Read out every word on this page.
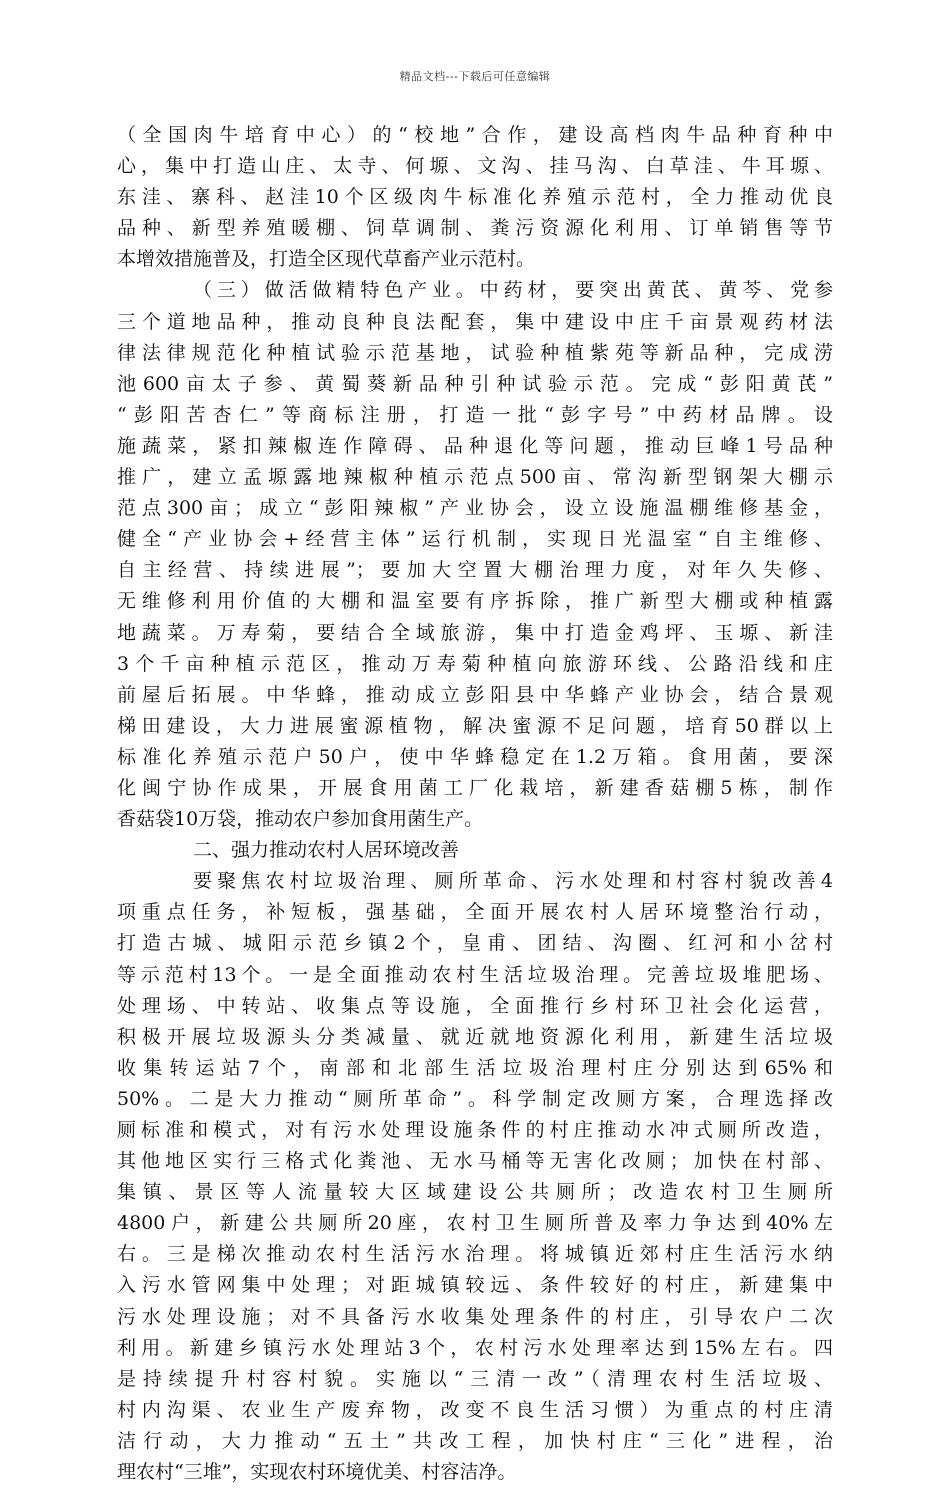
精品文档---下载后可任意编辑
（全国肉牛培育中心）的“校地”合作，建设高档肉牛品种育种中
心，集中打造山庄、太寺、何塬、文沟、挂马沟、白草洼、牛耳塬、
东洼、寨科、赵洼10个区级肉牛标准化养殖示范村，全力推动优良
品种、新型养殖暖棚、饲草调制、粪污资源化利用、订单销售等节
本增效措施普及，打造全区现代草畜产业示范村。
（三）做活做精特色产业。中药材，要突出黄芪、黄芩、党参
三个道地品种，推动良种良法配套，集中建设中庄千亩景观药材法
律法律规范化种植试验示范基地，试验种植紫苑等新品种，完成涝
池600亩太子参、黄蜀葵新品种引种试验示范。完成“彭阳黄芪”
“彭阳苦杏仁”等商标注册，打造一批“彭字号”中药材品牌。设
施蔬菜，紧扣辣椒连作障碍、品种退化等问题，推动巨峰1号品种
推广，建立孟塬露地辣椒种植示范点500亩、常沟新型钢架大棚示
范点300亩；成立“彭阳辣椒”产业协会，设立设施温棚维修基金，
健全“产业协会+经营主体”运行机制，实现日光温室“自主维修、
自主经营、持续进展”；要加大空置大棚治理力度，对年久失修、
无维修利用价值的大棚和温室要有序拆除，推广新型大棚或种植露
地蔬菜。万寿菊，要结合全域旅游，集中打造金鸡坪、玉塬、新洼
3个千亩种植示范区，推动万寿菊种植向旅游环线、公路沿线和庄
前屋后拓展。中华蜂，推动成立彭阳县中华蜂产业协会，结合景观
梯田建设，大力进展蜜源植物，解决蜜源不足问题，培育50群以上
标准化养殖示范户50户，使中华蜂稳定在1.2万箱。食用菌，要深
化闽宁协作成果，开展食用菌工厂化栽培，新建香菇棚5栋，制作
香菇袋10万袋，推动农户参加食用菌生产。
二、强力推动农村人居环境改善
要聚焦农村垃圾治理、厕所革命、污水处理和村容村貌改善4
项重点任务，补短板，强基础，全面开展农村人居环境整治行动，
打造古城、城阳示范乡镇2个，皇甫、团结、沟圈、红河和小岔村
等示范村13个。一是全面推动农村生活垃圾治理。完善垃圾堆肥场、
处理场、中转站、收集点等设施，全面推行乡村环卫社会化运营，
积极开展垃圾源头分类减量、就近就地资源化利用，新建生活垃圾
收集转运站7个，南部和北部生活垃圾治理村庄分别达到65%和
50%。二是大力推动“厕所革命”。科学制定改厕方案，合理选择改
厕标准和模式，对有污水处理设施条件的村庄推动水冲式厕所改造，
其他地区实行三格式化粪池、无水马桶等无害化改厕；加快在村部、
集镇、景区等人流量较大区域建设公共厕所；改造农村卫生厕所
4800户，新建公共厕所20座，农村卫生厕所普及率力争达到40%左
右。三是梯次推动农村生活污水治理。将城镇近郊村庄生活污水纳
入污水管网集中处理；对距城镇较远、条件较好的村庄，新建集中
污水处理设施；对不具备污水收集处理条件的村庄，引导农户二次
利用。新建乡镇污水处理站3个，农村污水处理率达到15%左右。四
是持续提升村容村貌。实施以“三清一改”（清理农村生活垃圾、
村内沟渠、农业生产废弃物，改变不良生活习惯）为重点的村庄清
洁行动，大力推动“五土”共改工程，加快村庄“三化”进程，治
理农村“三堆”，实现农村环境优美、村容洁净。
